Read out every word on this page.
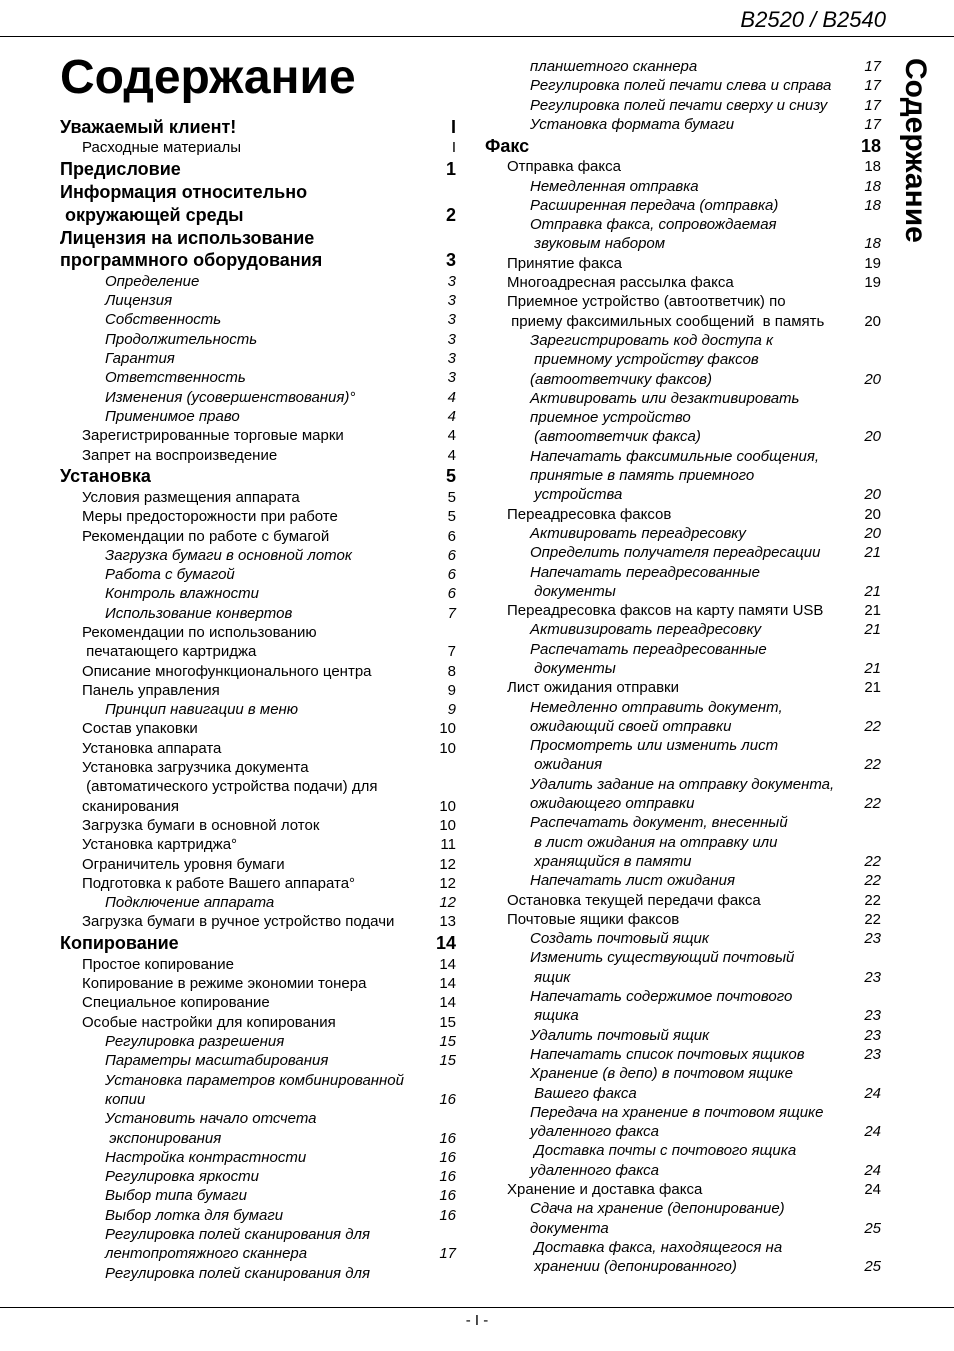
B2520 / B2540
Содержание
Содержание
Уважаемый клиент!	I
Расходные материалы	I
Предисловие	1
Информация относительно
окружающей среды	2
Лицензия на использование
программного оборудования	3
Определение	3
Лицензия	3
Собственность	3
Продолжительность	3
Гарантия	3
Ответственность	3
Изменения (усовершенствования)°	4
Применимое право	4
Зарегистрированные торговые марки	4
Запрет на воспроизведение	4
Установка	5
Условия размещения аппарата	5
Меры предосторожности при работе	5
Рекомендации по работе с бумагой	6
Загрузка бумаги в основной лоток	6
Работа с бумагой	6
Контроль влажности	6
Использование конвертов	7
Рекомендации по использованию
печатающего картриджа	7
Описание многофункционального центра	8
Панель управления	9
Принцип навигации в меню	9
Состав упаковки	10
Установка аппарата	10
Установка загрузчика документа
(автоматического устройства подачи) для
сканирования	10
Загрузка бумаги в основной лоток	10
Установка картриджа°	11
Ограничитель уровня бумаги	12
Подготовка к работе Вашего аппарата°	12
Подключение аппарата	12
Загрузка бумаги в ручное устройство подачи	13
Копирование	14
Простое копирование	14
Копирование в режиме экономии тонера	14
Специальное копирование	14
Особые настройки для копирования	15
Регулировка разрешения	15
Параметры масштабирования	15
Установка параметров комбинированной
копии	16
Установить начало отсчета
экспонирования	16
Настройка контрастности	16
Регулировка яркости	16
Выбор типа бумаги	16
Выбор лотка для бумаги	16
Регулировка полей сканирования для
лентопротяжного сканнера	17
Регулировка полей сканирования для
планшетного сканнера	17
Регулировка полей печати слева и справа	17
Регулировка полей печати сверху и снизу	17
Установка формата бумаги	17
Факс	18
Отправка факса	18
Немедленная отправка	18
Расширенная передача (отправка)	18
Отправка факса, сопровождаемая
звуковым набором	18
Принятие факса	19
Многоадресная рассылка факса	19
Приемное устройство (автоответчик) по
приему факсимильных сообщений  в память	20
Зарегистрировать код доступа к
приемному устройству факсов
(автоответчику факсов)	20
Активировать или дезактивировать
приемное устройство
(автоответчик факса)	20
Напечатать факсимильные сообщения,
принятые в память приемного
устройства	20
Переадресовка факсов	20
Активировать переадресовку	20
Определить получателя переадресации	21
Напечатать переадресованные
документы	21
Переадресовка факсов на карту памяти USB	21
Активизировать переадресовку	21
Распечатать переадресованные
документы	21
Лист ожидания отправки	21
Немедленно отправить документ,
ожидающий своей отправки	22
Просмотреть или изменить лист
ожидания	22
Удалить задание на отправку документа,
ожидающего отправки	22
Распечатать документ, внесенный
в лист ожидания на отправку или
хранящийся в памяти	22
Напечатать лист ожидания	22
Остановка текущей передачи факса	22
Почтовые ящики факсов	22
Создать почтовый ящик	23
Изменить существующий почтовый
ящик	23
Напечатать содержимое почтового
ящика	23
Удалить почтовый ящик	23
Напечатать список почтовых ящиков	23
Хранение (в депо) в почтовом ящике
Вашего факса	24
Передача на хранение в почтовом ящике
удаленного факса	24
Доставка почты с почтового ящика
удаленного факса	24
Хранение и доставка факса	24
Сдача на хранение (депонирование)
документа	25
Доставка факса, находящегося на
хранении (депонированного)	25
- I -
